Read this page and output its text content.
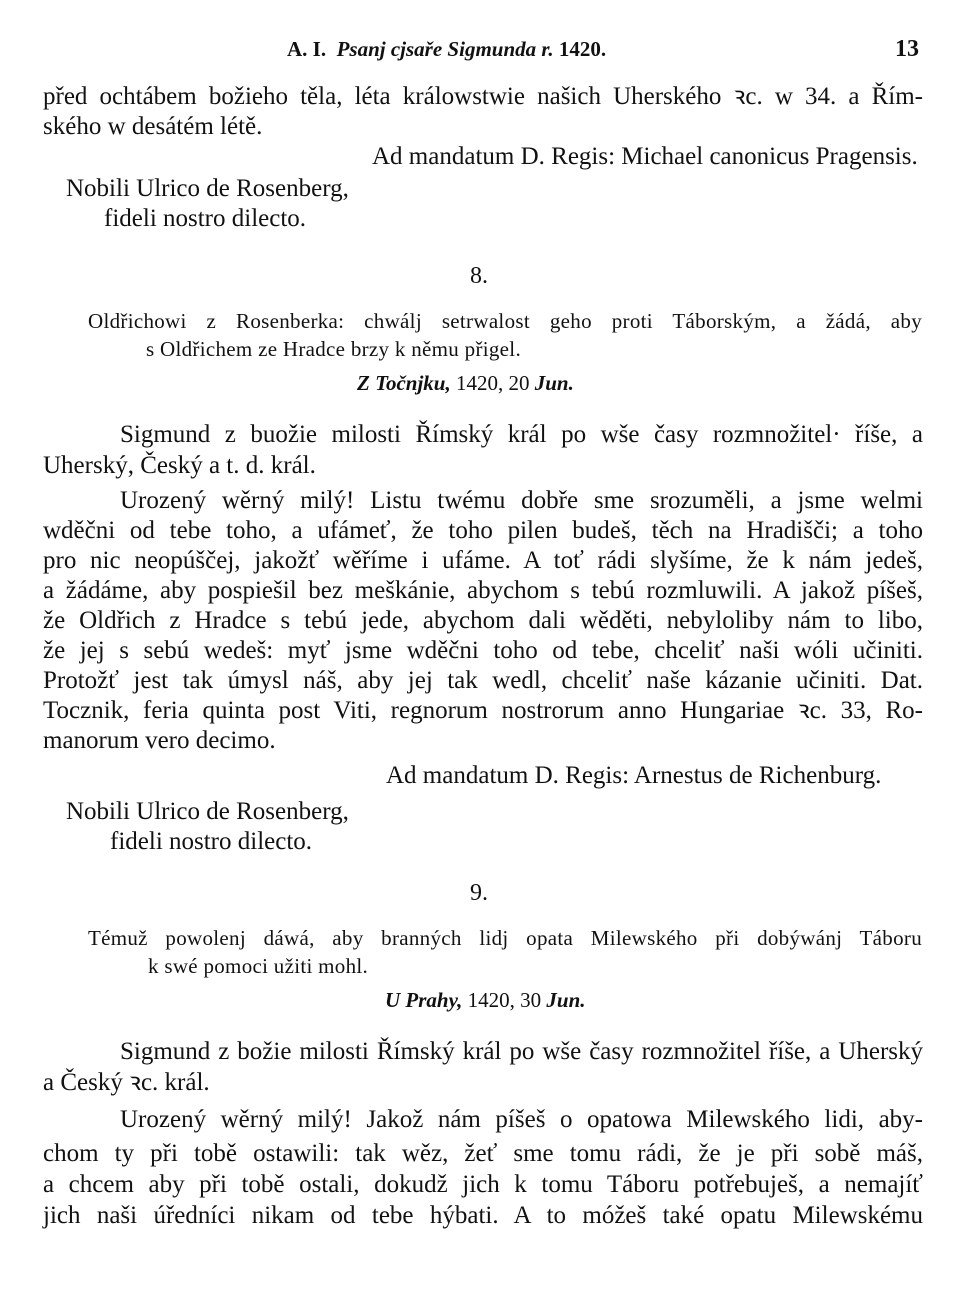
A. I. Psanj cjsaře Sigmunda r. 1420.	13
před ochtábem božieho těla, léta králowstwie našich Uherského ꝛc. w 34. a Řím-
ského w desátém létě.
Ad mandatum D. Regis: Michael canonicus Pragensis.
Nobili Ulrico de Rosenberg,
fideli nostro dilecto.
8.
Oldřichowi z Rosenberka: chwálj setrwalost geho proti Táborským, a žádá, aby
s Oldřichem ze Hradce brzy k němu přigel.
Z Točnjku, 1420, 20 Jun.
Sigmund z buožie milosti Římský král po wše časy rozmnožitel· říše, a
Uherský, Český a t. d. král.
Urozený wěrný milý! Listu twému dobře sme srozuměli, a jsme welmi
wděčni od tebe toho, a ufámeť, že toho pilen budeš, těch na Hradišči; a toho
pro nic neopúščej, jakožť wěříme i ufáme. A toť rádi slyšíme, že k nám jedeš,
a žádáme, aby pospiešil bez meškánie, abychom s tebú rozmluwili. A jakož píšeš,
že Oldřich z Hradce s tebú jede, abychom dali wěděti, nebyloliby nám to libo,
že jej s sebú wedeš: myť jsme wděčni toho od tebe, chceliť naši wóli učiniti.
Protožť jest tak úmysl náš, aby jej tak wedl, chceliť naše kázanie učiniti. Dat.
Tocznik, feria quinta post Viti, regnorum nostrorum anno Hungariae ꝛc. 33, Ro-
manorum vero decimo.
Ad mandatum D. Regis: Arnestus de Richenburg.
Nobili Ulrico de Rosenberg,
fideli nostro dilecto.
9.
Témuž powolenj dáwá, aby branných lidj opata Milewského při dobýwánj Táboru
k swé pomoci užiti mohl.
U Prahy, 1420, 30 Jun.
Sigmund z božie milosti Římský král po wše časy rozmnožitel říše, a Uherský
a Český ꝛc. král.
Urozený wěrný milý! Jakož nám píšeš o opatowa Milewského lidi, aby-
chom ty při tobě ostawili: tak wěz, žeť sme tomu rádi, že je při sobě máš,
a chcem aby při tobě ostali, dokudž jich k tomu Táboru potřebuješ, a nemajíť
jich naši úředníci nikam od tebe hýbati. A to móžeš také opatu Milewskému
